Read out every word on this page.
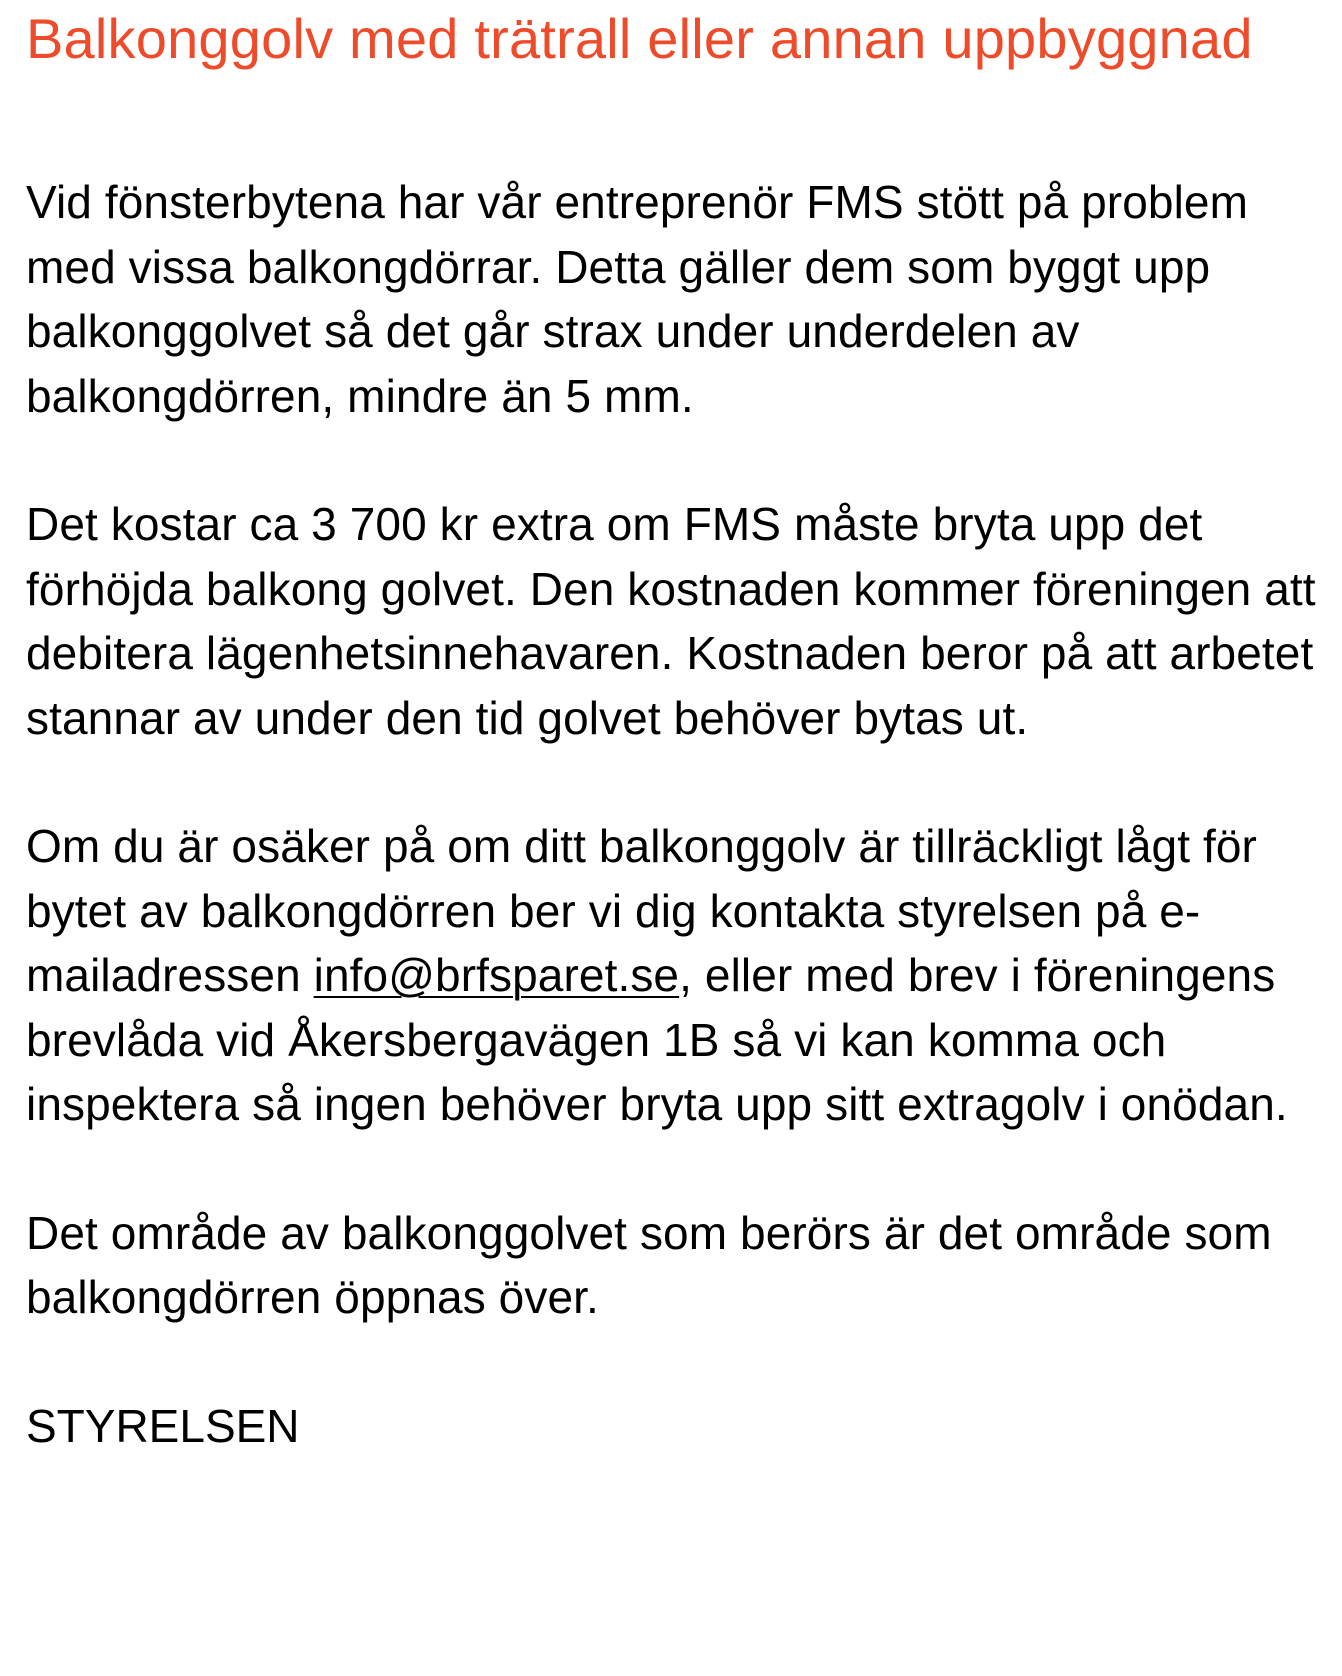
Balkonggolv med trätrall eller annan uppbyggnad

Vid fönsterbytena har vår entreprenör FMS stött på problem med vissa balkongdörrar. Detta gäller dem som byggt upp balkonggolvet så det går strax under underdelen av balkongdörren, mindre än 5 mm.

Det kostar ca 3 700 kr extra om FMS måste bryta upp det förhöjda balkong golvet. Den kostnaden kommer föreningen att debitera lägenhetsinnehavaren. Kostnaden beror på att arbetet stannar av under den tid golvet behöver bytas ut.

Om du är osäker på om ditt balkonggolv är tillräckligt lågt för bytet av balkongdörren ber vi dig kontakta styrelsen på e-mailadressen info@brfsparet.se, eller med brev i föreningens brevlåda vid Åkersbergavägen 1B så vi kan komma och inspektera så ingen behöver bryta upp sitt extragolv i onödan.

Det område av balkonggolvet som berörs är det område som balkongdörren öppnas över.

STYRELSEN
